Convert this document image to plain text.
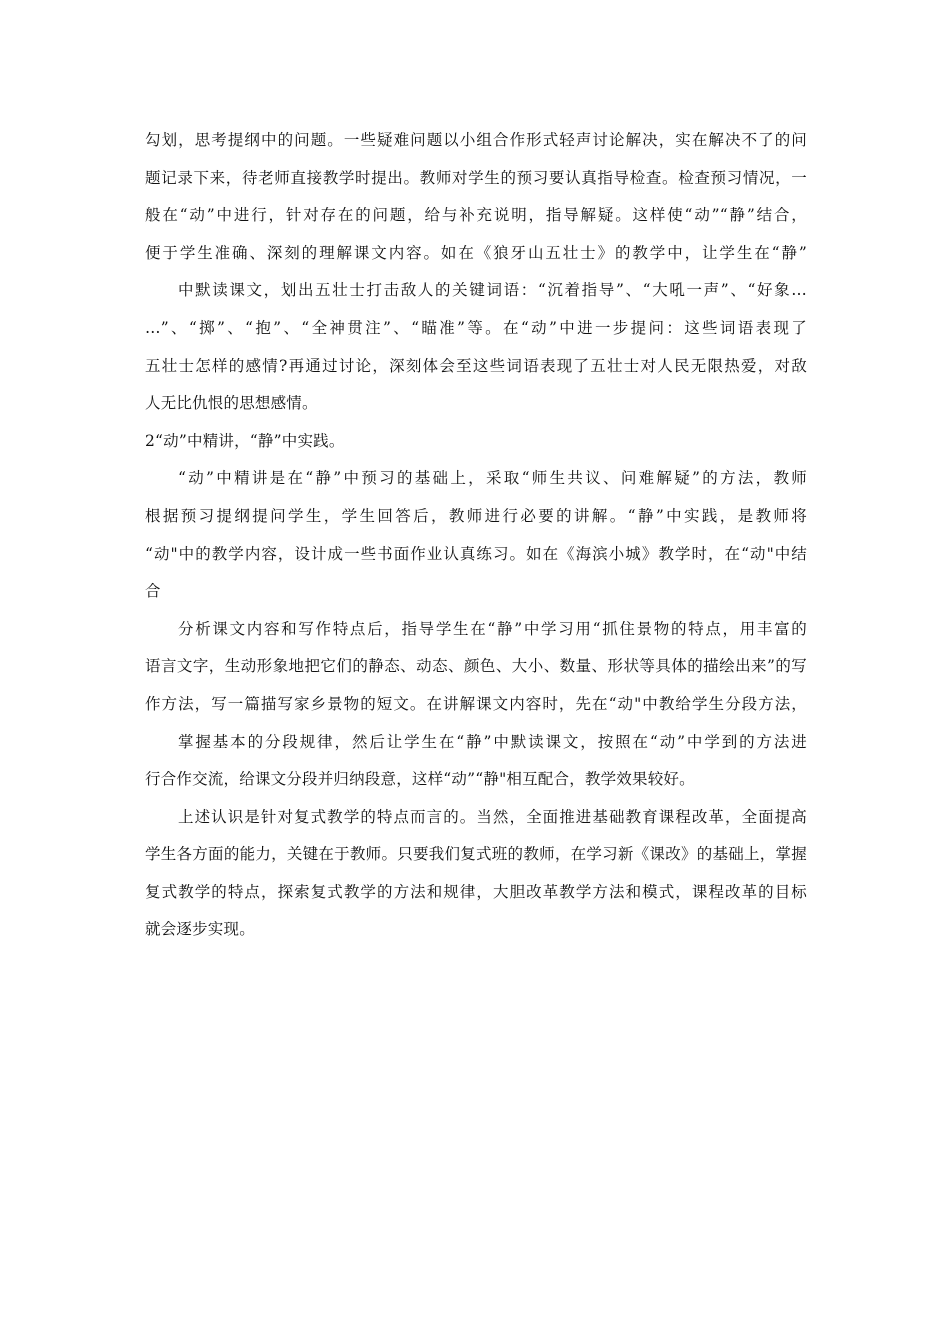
勾划，思考提纲中的问题。一些疑难问题以小组合作形式轻声讨论解决，实在解决不了的问
题记录下来，待老师直接教学时提出。教师对学生的预习要认真指导检查。检查预习情况，一
般在“动”中进行，针对存在的问题，给与补充说明，指导解疑。这样使“动”“静”结合，
便于学生准确、深刻的理解课文内容。如在《狼牙山五壮士》的教学中，让学生在“静”
中默读课文，划出五壮士打击敌人的关键词语：“沉着指导”、“大吼一声”、“好象…
…”、“掷”、“抱”、“全神贯注”、“瞄准”等。在“动”中进一步提问：这些词语表现了
五壮士怎样的感情?再通过讨论，深刻体会至这些词语表现了五壮士对人民无限热爱，对敌
人无比仇恨的思想感情。
2“动”中精讲，“静”中实践。
“动”中精讲是在“静”中预习的基础上，采取“师生共议、问难解疑”的方法，教师
根据预习提纲提问学生，学生回答后，教师进行必要的讲解。“静”中实践，是教师将
“动"中的教学内容，设计成一些书面作业认真练习。如在《海滨小城》教学时，在“动"中结
合
分析课文内容和写作特点后，指导学生在“静”中学习用“抓住景物的特点，用丰富的
语言文字，生动形象地把它们的静态、动态、颜色、大小、数量、形状等具体的描绘出来”的写
作方法，写一篇描写家乡景物的短文。在讲解课文内容时，先在“动"中教给学生分段方法，
掌握基本的分段规律，然后让学生在“静”中默读课文，按照在“动”中学到的方法进
行合作交流，给课文分段并归纳段意，这样“动”“静"相互配合，教学效果较好。
上述认识是针对复式教学的特点而言的。当然，全面推进基础教育课程改革，全面提高
学生各方面的能力，关键在于教师。只要我们复式班的教师，在学习新《课改》的基础上，掌握
复式教学的特点，探索复式教学的方法和规律，大胆改革教学方法和模式，课程改革的目标
就会逐步实现。
